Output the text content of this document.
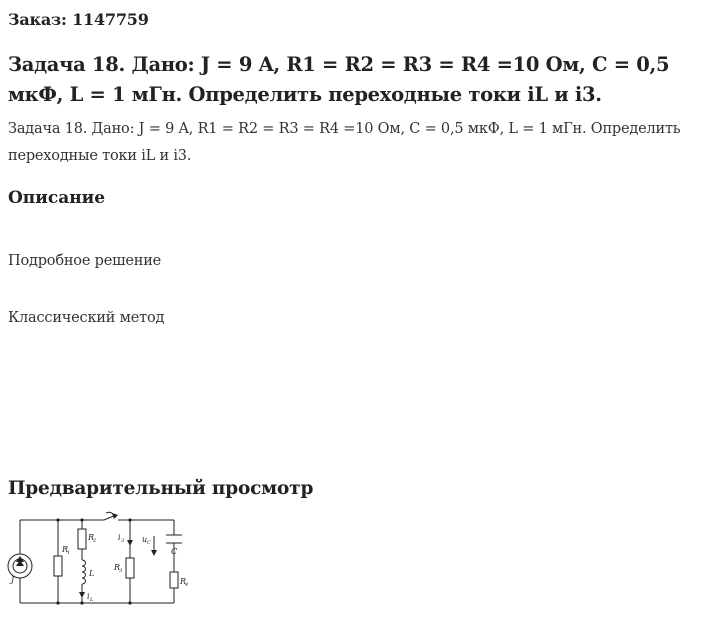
Заказ: 1147759
Задача 18. Дано: J = 9 A, R1 = R2 = R3 = R4 =10 Ом, С = 0,5 мкФ, L = 1 мГн. Определить переходные токи iL и i3.
Задача 18. Дано: J = 9 A, R1 = R2 = R3 = R4 =10 Ом, С = 0,5 мкФ, L = 1 мГн. Определить переходные токи iL и i3.
Описание
Подробное решение
Классический метод
Предварительный просмотр
J
R
1
R
2
L
i L
i 3
R
3
u C
C
R
4
